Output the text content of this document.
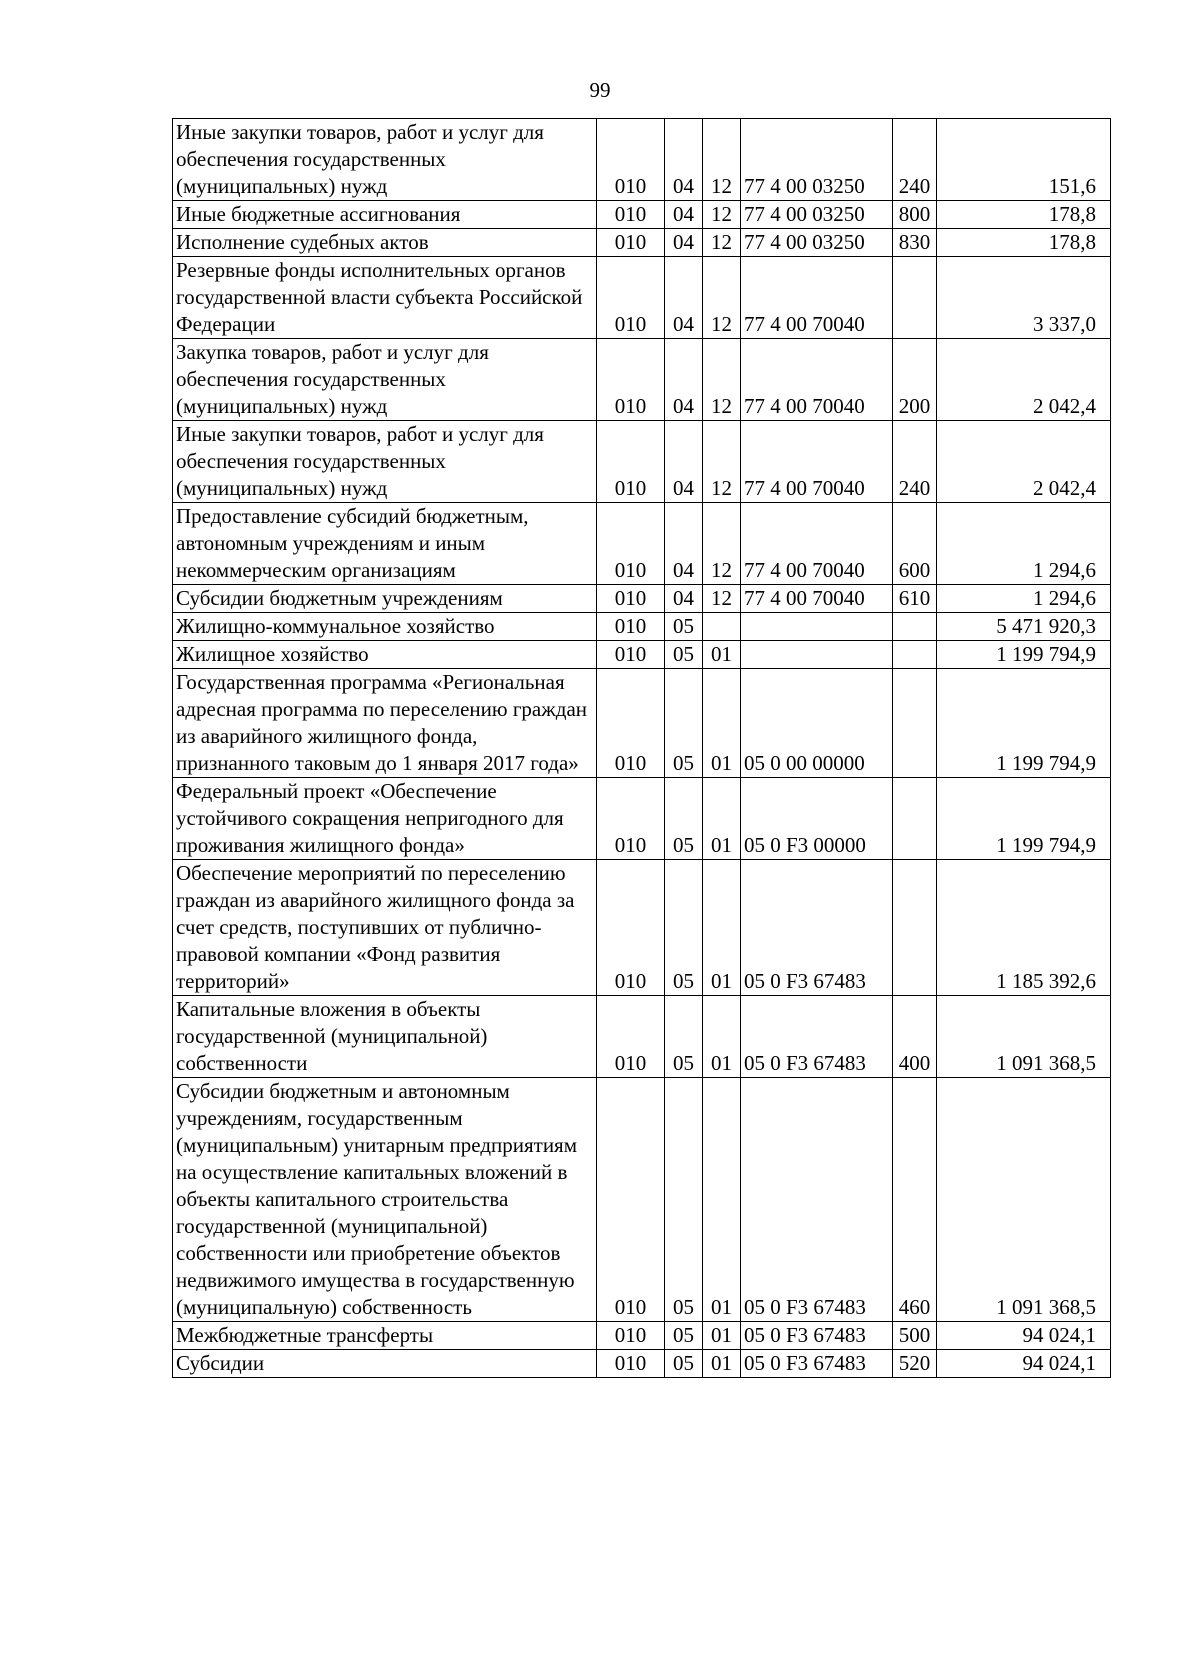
99
Иные закупки товаров, работ и услуг для обеспечения государственных (муниципальных) нужд	010	04	12	77 4 00 03250	240	151,6
Иные бюджетные ассигнования	010	04	12	77 4 00 03250	800	178,8
Исполнение судебных актов	010	04	12	77 4 00 03250	830	178,8
Резервные фонды исполнительных органов государственной власти субъекта Российской Федерации	010	04	12	77 4 00 70040		3 337,0
Закупка товаров, работ и услуг для обеспечения государственных (муниципальных) нужд	010	04	12	77 4 00 70040	200	2 042,4
Иные закупки товаров, работ и услуг для обеспечения государственных (муниципальных) нужд	010	04	12	77 4 00 70040	240	2 042,4
Предоставление субсидий бюджетным, автономным учреждениям и иным некоммерческим организациям	010	04	12	77 4 00 70040	600	1 294,6
Субсидии бюджетным учреждениям	010	04	12	77 4 00 70040	610	1 294,6
Жилищно-коммунальное хозяйство	010	05				5 471 920,3
Жилищное хозяйство	010	05	01			1 199 794,9
Государственная программа «Региональная адресная программа по переселению граждан из аварийного жилищного фонда, признанного таковым до 1 января 2017 года»	010	05	01	05 0 00 00000		1 199 794,9
Федеральный проект «Обеспечение устойчивого сокращения непригодного для проживания жилищного фонда»	010	05	01	05 0 F3 00000		1 199 794,9
Обеспечение мероприятий по переселению граждан из аварийного жилищного фонда за счет средств, поступивших от публично-правовой компании «Фонд развития территорий»	010	05	01	05 0 F3 67483		1 185 392,6
Капитальные вложения в объекты государственной (муниципальной) собственности	010	05	01	05 0 F3 67483	400	1 091 368,5
Субсидии бюджетным и автономным учреждениям, государственным (муниципальным) унитарным предприятиям на осуществление капитальных вложений в объекты капитального строительства государственной (муниципальной) собственности или приобретение объектов недвижимого имущества в государственную (муниципальную) собственность	010	05	01	05 0 F3 67483	460	1 091 368,5
Межбюджетные трансферты	010	05	01	05 0 F3 67483	500	94 024,1
Субсидии	010	05	01	05 0 F3 67483	520	94 024,1
